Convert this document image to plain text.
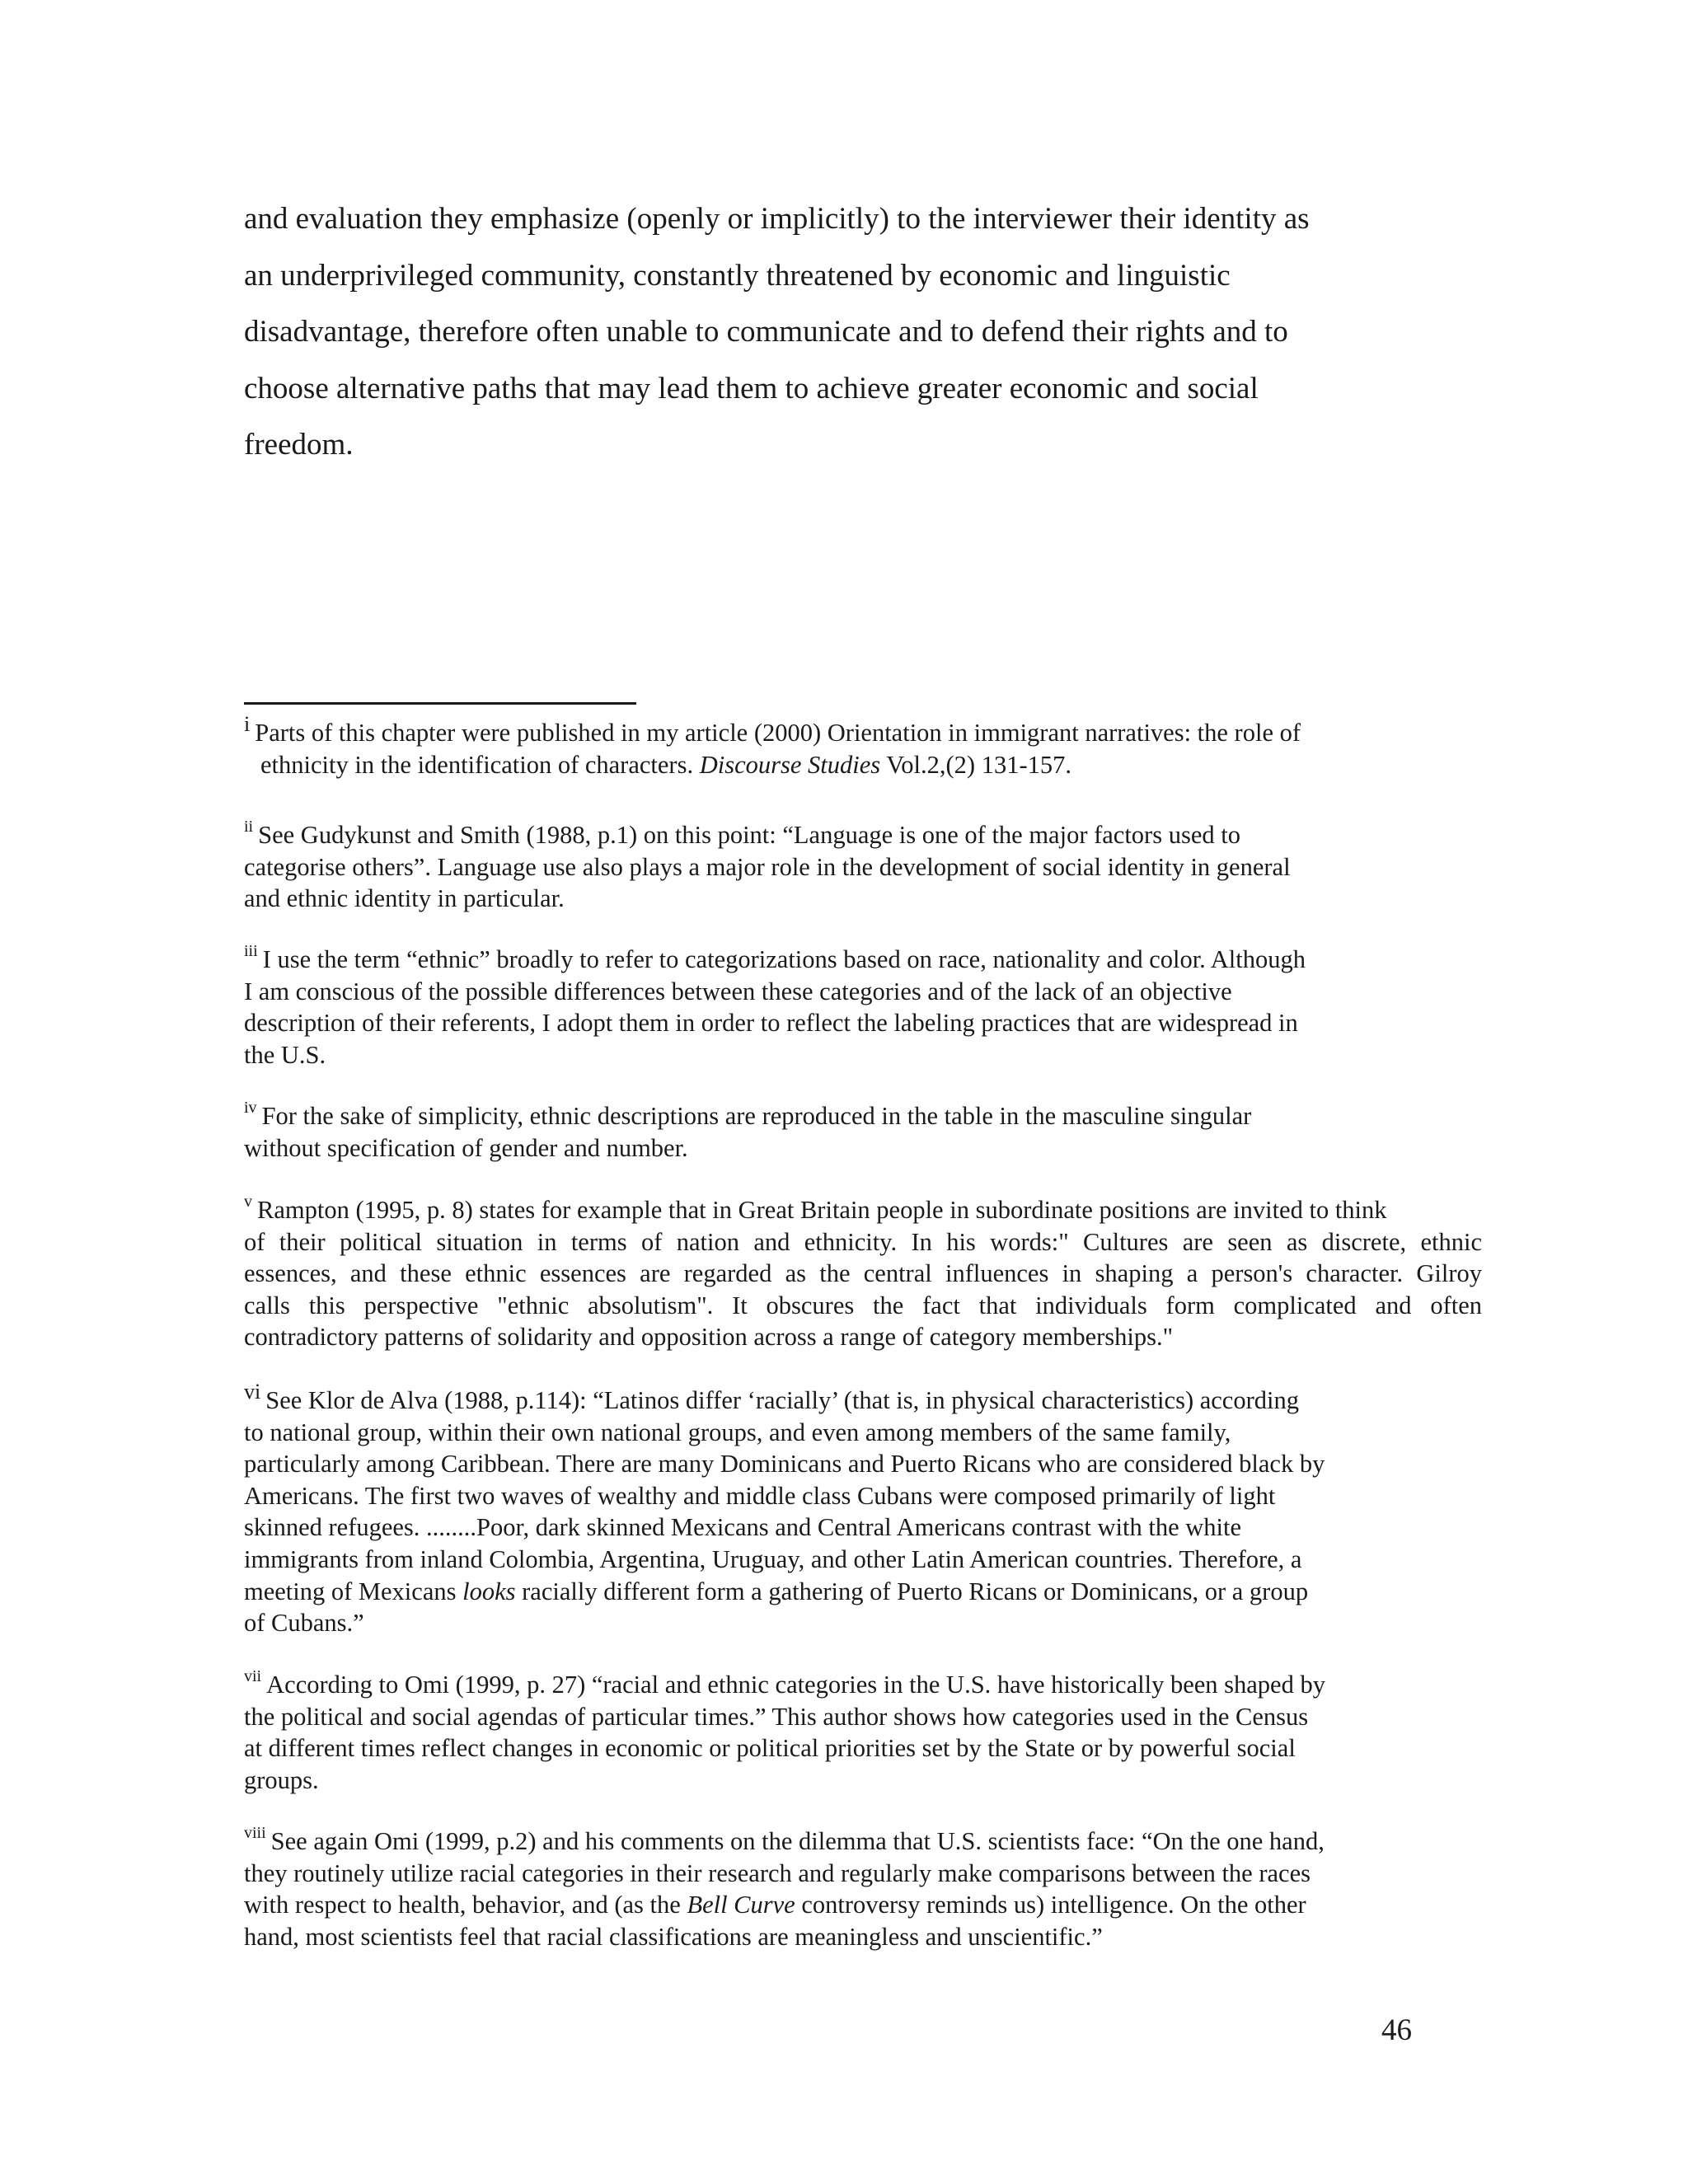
and evaluation they emphasize (openly or implicitly) to the interviewer their identity as
an underprivileged community, constantly threatened by economic and linguistic
disadvantage, therefore often unable to communicate and to defend their rights and to
choose alternative paths that may lead them to achieve greater economic and social
freedom.

$^i$ Parts of this chapter were published in my article (2000) Orientation in immigrant narratives: the role of
ethnicity in the identification of characters. Discourse Studies Vol.2,(2) 131-157.
$^{ii}$ See Gudykunst and Smith (1988, p.1) on this point: “Language is one of the major factors used to
categorise others”. Language use also plays a major role in the development of social identity in general
and ethnic identity in particular.
$^{iii}$ I use the term “ethnic” broadly to refer to categorizations based on race, nationality and color. Although
I am conscious of the possible differences between these categories and of the lack of an objective
description of their referents, I adopt them in order to reflect the labeling practices that are widespread in
the U.S.
$^{iv}$ For the sake of simplicity, ethnic descriptions are reproduced in the table in the masculine singular
without specification of gender and number.
$^v$ Rampton (1995, p. 8) states for example that in Great Britain people in subordinate positions are invited to think
of their political situation in terms of nation and ethnicity. In his words:" Cultures are seen as discrete, ethnic
essences, and these ethnic essences are regarded as the central influences in shaping a person's character. Gilroy
calls this perspective "ethnic absolutism". It obscures the fact that individuals form complicated and often
contradictory patterns of solidarity and opposition across a range of category memberships."
$^{vi}$ See Klor de Alva (1988, p.114): “Latinos differ ‘racially’ (that is, in physical characteristics) according
to national group, within their own national groups, and even among members of the same family,
particularly among Caribbean. There are many Dominicans and Puerto Ricans who are considered black by
Americans. The first two waves of wealthy and middle class Cubans were composed primarily of light
skinned refugees. ........Poor, dark skinned Mexicans and Central Americans contrast with the white
immigrants from inland Colombia, Argentina, Uruguay, and other Latin American countries. Therefore, a
meeting of Mexicans looks racially different form a gathering of Puerto Ricans or Dominicans, or a group
of Cubans.”
$^{vii}$ According to Omi (1999, p. 27) “racial and ethnic categories in the U.S. have historically been shaped by
the political and social agendas of particular times.” This author shows how categories used in the Census
at different times reflect changes in economic or political priorities set by the State or by powerful social
groups.
$^{viii}$ See again Omi (1999, p.2) and his comments on the dilemma that U.S. scientists face: “On the one hand,
they routinely utilize racial categories in their research and regularly make comparisons between the races
with respect to health, behavior, and (as the Bell Curve controversy reminds us) intelligence. On the other
hand, most scientists feel that racial classifications are meaningless and unscientific.”
46
